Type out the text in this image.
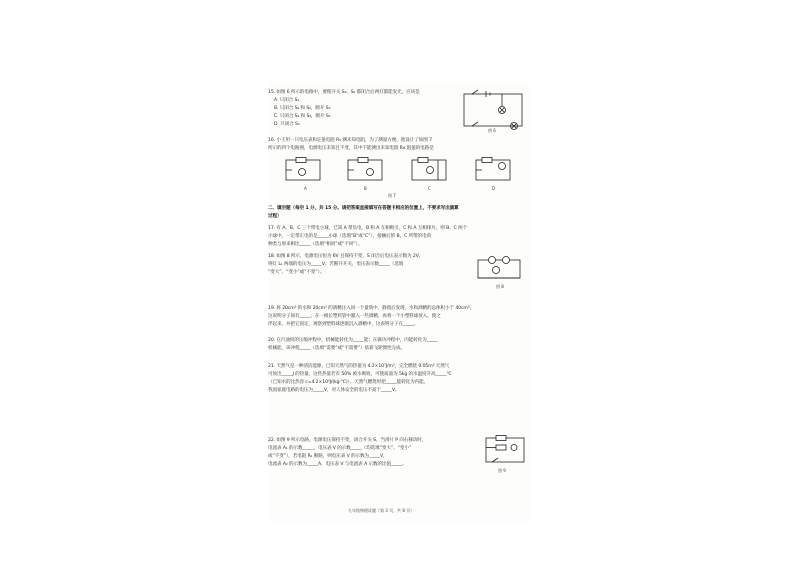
15. 如图 6 所示的电路中，要使开关 S₁、S₂ 都闭合后两灯都能发光，应该是
A. 只闭合 S₁
B. 只闭合 S₁ 和 S₂，断开 S₃
C. 只闭合 S₁ 和 S₃，断开 S₂
D. 只闭合 S₃
图 6
16. 小王用一只电压表和定值电阻 R₀ 测未知电阻，为了测量方便，他设计了如图 7
所示的四个电路图，电源电压未知且不变，其中不能测出未知电阻 Rx 阻值的电路是
A	B	C	D
图 7
二、填空题（每空 1 分，共 15 分。请把答案直接填写在答题卡相应的位置上，不要求写出演算
过程）
17. 有 A、B、C 三个带电小球，已知 A 带负电，B 和 A 互相吸引，C 和 A 互相排斥，则 B、C 两个
小球中，一定带正电的是_____小球（选填“B”或“C”），接触后的 B、C 所带的电荷
种类与原来相比_____（选填“相同”或“不同”）。
18. 如图 8 所示，电源电压恒为 6V 且保持不变，S 闭合后电压表示数为 2V，
则灯 L₁ 两端的电压为_____V；若断开开关，电压表示数_____（选填
“变大”、“变小”或“不变”）。
图 8
19. 将 20cm³ 的水和 20cm³ 的酒精注入同一个量筒中，静置后发现，水和酒精的总体积小于 40cm³，
这说明分子间有_____；在一根长塑料管中灌入一些酒精，再将一个小塑料球放入，使之
浮起来，并把它固定，观察到塑料球逐渐沉入酒精中，这表明分子在_____。
20. 在汽油机的压缩冲程中，机械能转化为_____能；在做功冲程中，内能转化为_____
机械能，该冲程_____（选填“需要”或“不需要”）依靠飞轮惯性完成。
21. 天然气是一种清洁能源，已知天然气的热值为 4.2×10⁷J/m³，完全燃烧 0.05m³ 天然气
可放出_____J 的热量，这些热量若有 50% 被水吸收，可使质量为 5kg 的水温度升高_____℃
（已知水的比热容 c=4.2×10³J/(kg·℃)）。天然气燃烧时把_____能转化为内能。
我国家庭电路的电压为_____V，对人体安全的电压不高于_____V。
22. 如图 9 所示电路，电源电压保持不变，闭合开关 S，当滑片 P 向右移动时，
电流表 A₁ 的示数_____，电压表 V 的示数_____（均选填“变大”、“变小”
或“不变”），若电阻 R₁ 断路，则电压表 V 的示数为_____V，
电流表 A₂ 的示数为_____A，电压表 V 与电流表 A 示数的比值_____。
图 9
九年级物理试题（第 3 页，共 8 页）
